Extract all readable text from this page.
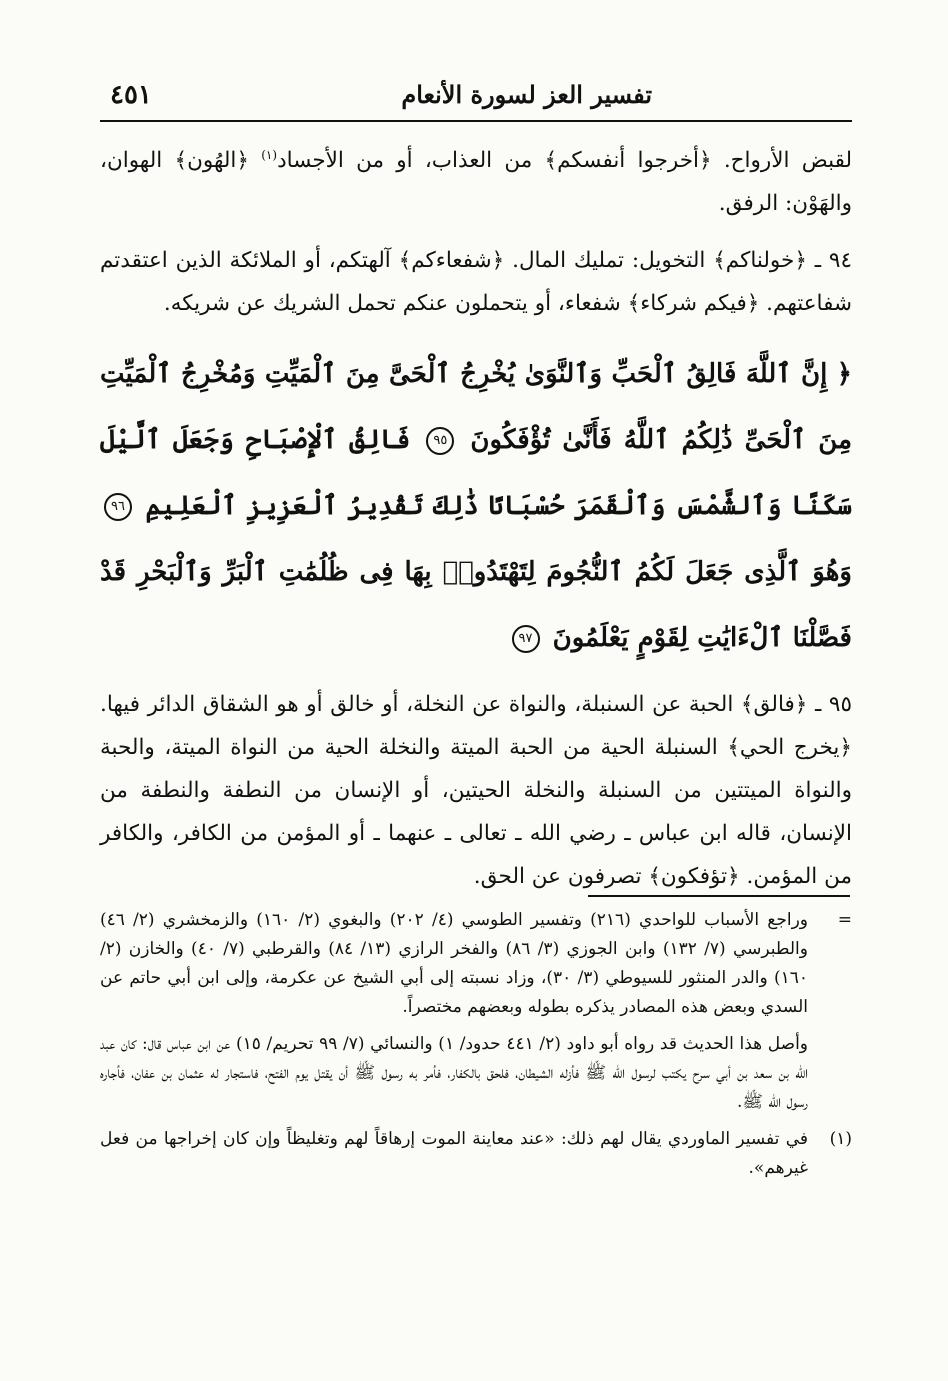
تفسير العز لسورة الأنعام
٤٥١

لقبض الأرواح. ﴿أخرجوا أنفسكم﴾ من العذاب، أو من الأجساد$^{(١)}$ ﴿الهُون﴾ الهوان، والهَوْن: الرفق.

٩٤ ـ ﴿خولناكم﴾ التخويل: تمليك المال. ﴿شفعاءكم﴾ آلهتكم، أو الملائكة الذين اعتقدتم شفاعتهم. ﴿فيكم شركاء﴾ شفعاء، أو يتحملون عنكم تحمل الشريك عن شريكه.

﴿ إِنَّ ٱللَّهَ فَالِقُ ٱلْحَبِّ وَٱلنَّوَىٰ يُخْرِجُ ٱلْحَىَّ مِنَ ٱلْمَيِّتِ وَمُخْرِجُ ٱلْمَيِّتِ مِنَ ٱلْحَىِّ ذَٰلِكُمُ ٱللَّهُ فَأَنَّىٰ تُؤْفَكُونَ ٩٥ فَالِقُ ٱلْإِصْبَاحِ وَجَعَلَ ٱلَّيْلَ سَكَنًا وَٱلشَّمْسَ وَٱلْقَمَرَ حُسْبَانًا ذَٰلِكَ تَقْدِيرُ ٱلْعَزِيزِ ٱلْعَلِيمِ ٩٦ وَهُوَ ٱلَّذِى جَعَلَ لَكُمُ ٱلنُّجُومَ لِتَهْتَدُوا۟ بِهَا فِى ظُلُمَٰتِ ٱلْبَرِّ وَٱلْبَحْرِ قَدْ فَصَّلْنَا ٱلْءَايَٰتِ لِقَوْمٍ يَعْلَمُونَ ٩٧

٩٥ ـ ﴿فالق﴾ الحبة عن السنبلة، والنواة عن النخلة، أو خالق أو هو الشقاق الدائر فيها. ﴿يخرج الحي﴾ السنبلة الحية من الحبة الميتة والنخلة الحية من النواة الميتة، والحبة والنواة الميتتين من السنبلة والنخلة الحيتين، أو الإنسان من النطفة والنطفة من الإنسان، قاله ابن عباس ـ رضي الله ـ تعالى ـ عنهما ـ أو المؤمن من الكافر، والكافر من المؤمن. ﴿تؤفكون﴾ تصرفون عن الحق.

=
وراجع الأسباب للواحدي (٢١٦) وتفسير الطوسي (٤/ ٢٠٢) والبغوي (٢/ ١٦٠) والزمخشري (٢/ ٤٦) والطبرسي (٧/ ١٣٢) وابن الجوزي (٣/ ٨٦) والفخر الرازي (١٣/ ٨٤) والقرطبي (٧/ ٤٠) والخازن (٢/ ١٦٠) والدر المنثور للسيوطي (٣/ ٣٠)، وزاد نسبته إلى أبي الشيخ عن عكرمة، وإلى ابن أبي حاتم عن السدي وبعض هذه المصادر يذكره بطوله وبعضهم مختصراً.
وأصل هذا الحديث قد رواه أبو داود (٢/ ٤٤١ حدود/ ١) والنسائي (٧/ ٩٩ تحريم/ ١٥) عن ابن عباس قال: كان عبد الله بن سعد بن أبي سرح يكتب لرسول الله ﷺ فأزله الشيطان، فلحق بالكفار، فأمر به رسول ﷺ أن يقتل يوم الفتح، فاستجار له عثمان بن عفان، فأجاره رسول الله ﷺ.
(١)
في تفسير الماوردي يقال لهم ذلك: «عند معاينة الموت إرهاقاً لهم وتغليظاً وإن كان إخراجها من فعل غيرهم».
